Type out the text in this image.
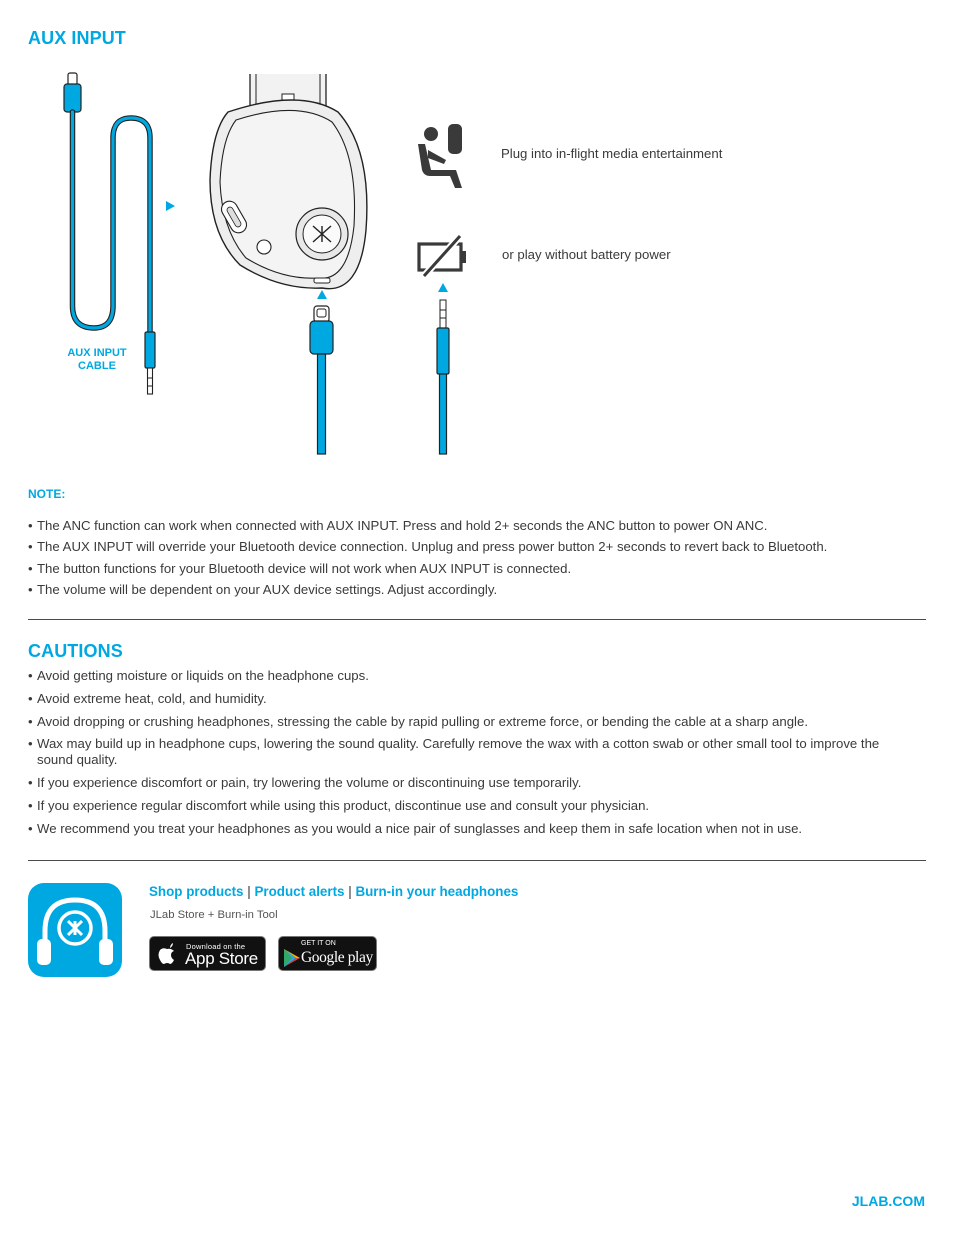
AUX INPUT
AUX INPUT
CABLE
Plug into in-flight media entertainment
or play without battery power
NOTE:
• The ANC function can work when connected with AUX INPUT. Press and hold 2+ seconds the ANC button to power ON ANC.
• The AUX INPUT will override your Bluetooth device connection. Unplug and press power button 2+ seconds to revert back to Bluetooth.
• The button functions for your Bluetooth device will not work when AUX INPUT is connected.
• The volume will be dependent on your AUX device settings. Adjust accordingly.
CAUTIONS
• Avoid getting moisture or liquids on the headphone cups.
• Avoid extreme heat, cold, and humidity.
• Avoid dropping or crushing headphones, stressing the cable by rapid pulling or extreme force, or bending the cable at a sharp angle.
• Wax may build up in headphone cups, lowering the sound quality. Carefully remove the wax with a cotton swab or other small tool to improve the sound quality.
• If you experience discomfort or pain, try lowering the volume or discontinuing use temporarily.
• If you experience regular discomfort while using this product, discontinue use and consult your physician.
• We recommend you treat your headphones as you would a nice pair of sunglasses and keep them in safe location when not in use.
Shop products | Product alerts | Burn-in your headphones
JLab Store + Burn-in Tool
Download on the
App Store
GET IT ON
Google play
JLAB.COM
